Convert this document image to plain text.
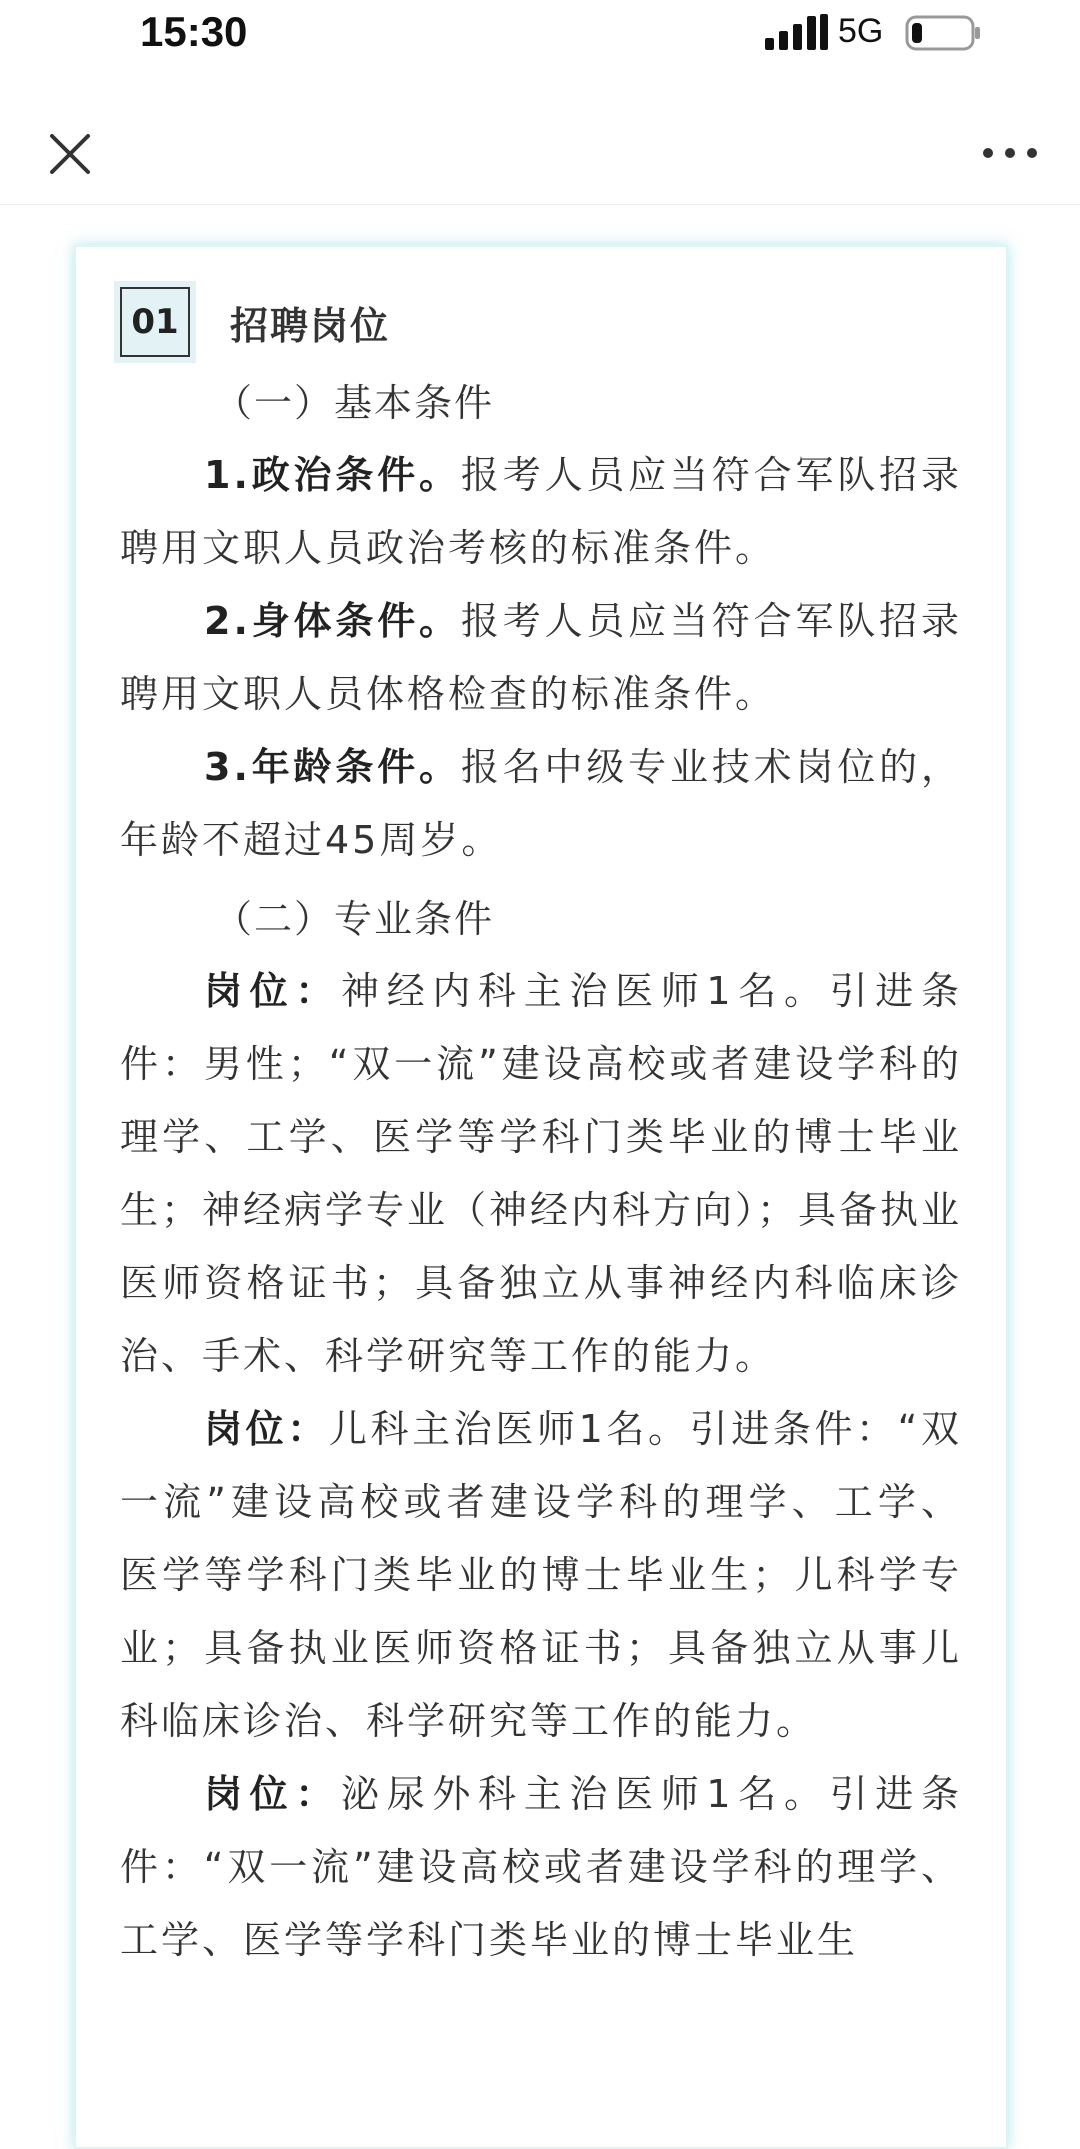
15:30	5G
01 招聘岗位
（一）基本条件

1.政治条件。报考人员应当符合军队招录聘用文职人员政治考核的标准条件。

2.身体条件。报考人员应当符合军队招录聘用文职人员体格检查的标准条件。

3.年龄条件。报名中级专业技术岗位的，年龄不超过45周岁。

（二）专业条件

岗位：神经内科主治医师1名。引进条件：男性；“双一流”建设高校或者建设学科的理学、工学、医学等学科门类毕业的博士毕业生；神经病学专业（神经内科方向）；具备执业医师资格证书；具备独立从事神经内科临床诊治、手术、科学研究等工作的能力。

岗位：儿科主治医师1名。引进条件：“双一流”建设高校或者建设学科的理学、工学、医学等学科门类毕业的博士毕业生；儿科学专业；具备执业医师资格证书；具备独立从事儿科临床诊治、科学研究等工作的能力。

岗位：泌尿外科主治医师1名。引进条件：“双一流”建设高校或者建设学科的理学、工学、医学等学科门类毕业的博士毕业生
